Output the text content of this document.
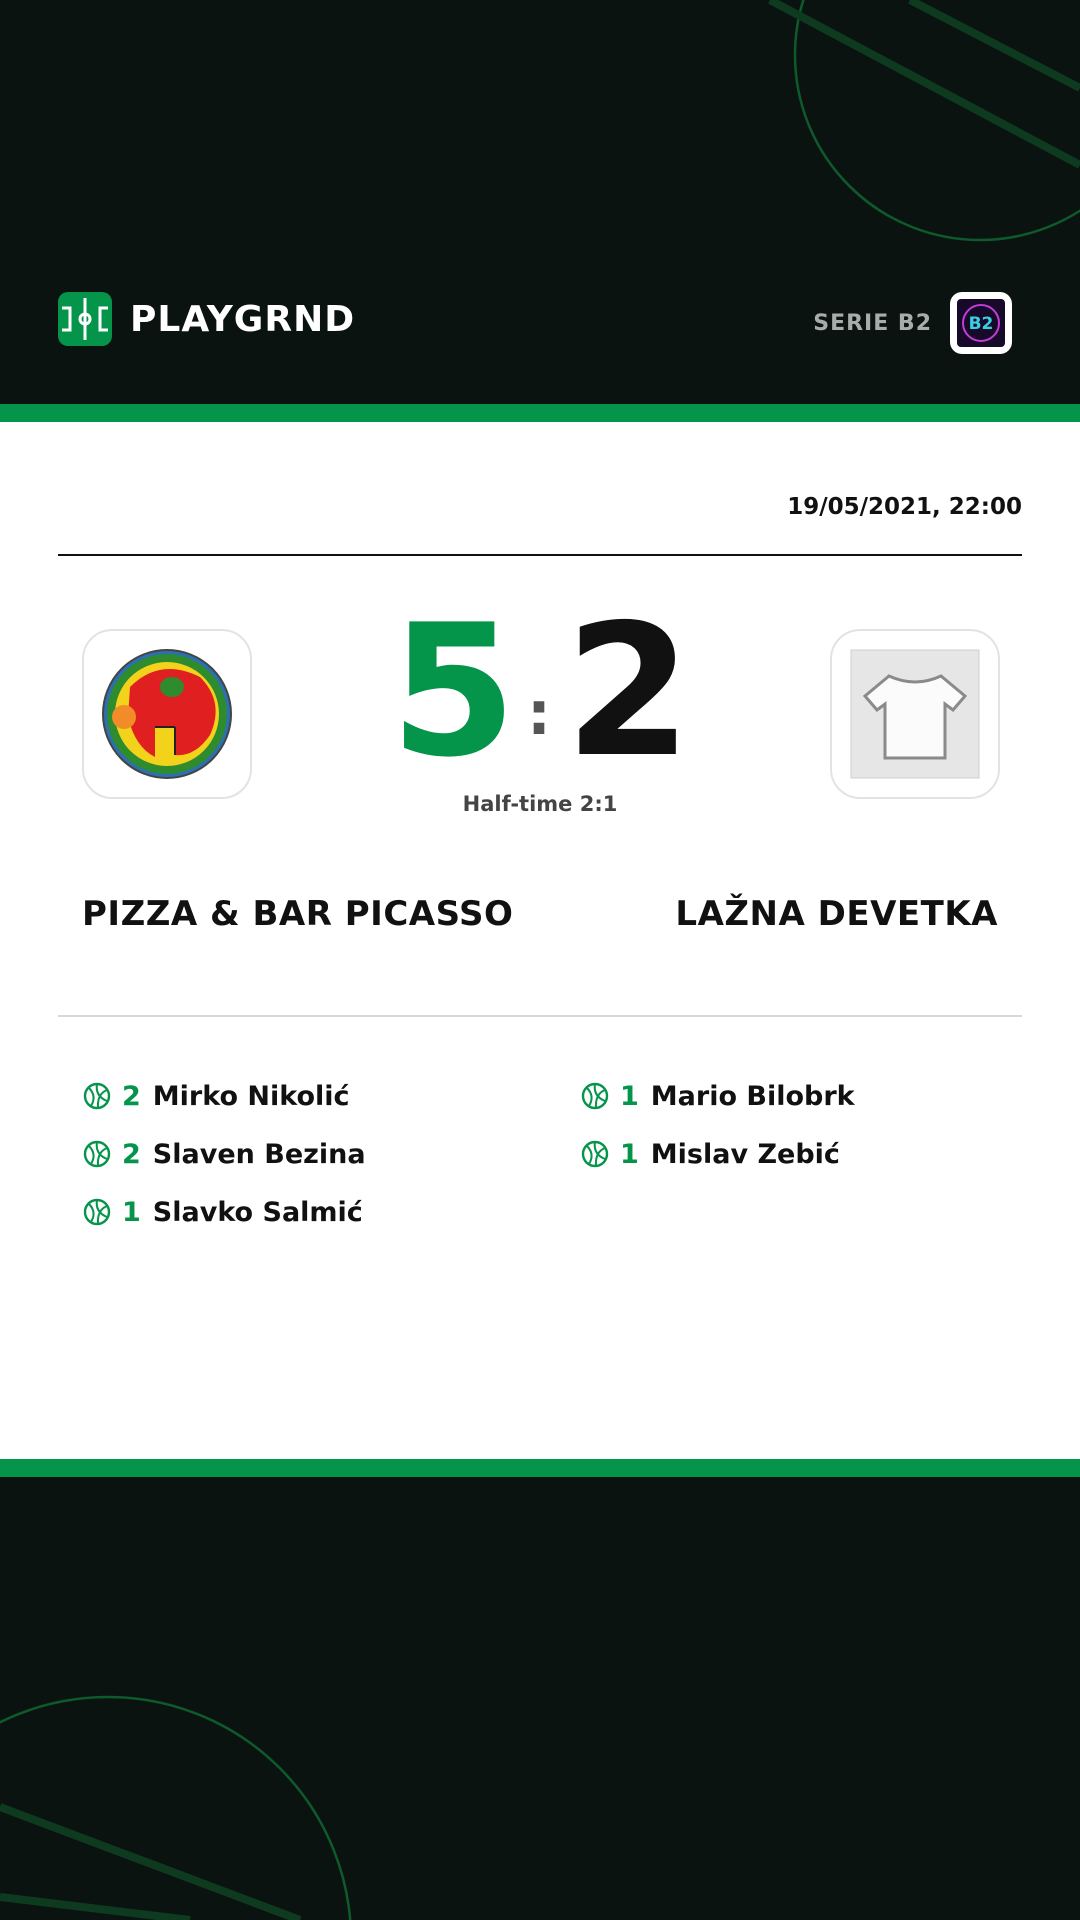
PLAYGRND	SERIE B2 B2
19/05/2021, 22:00
5 : 2
Half-time 2:1
PIZZA & BAR PICASSO	LAŽNA DEVETKA
2 Mirko Nikolić
2 Slaven Bezina
1 Slavko Salmić
1 Mario Bilobrk
1 Mislav Zebić
